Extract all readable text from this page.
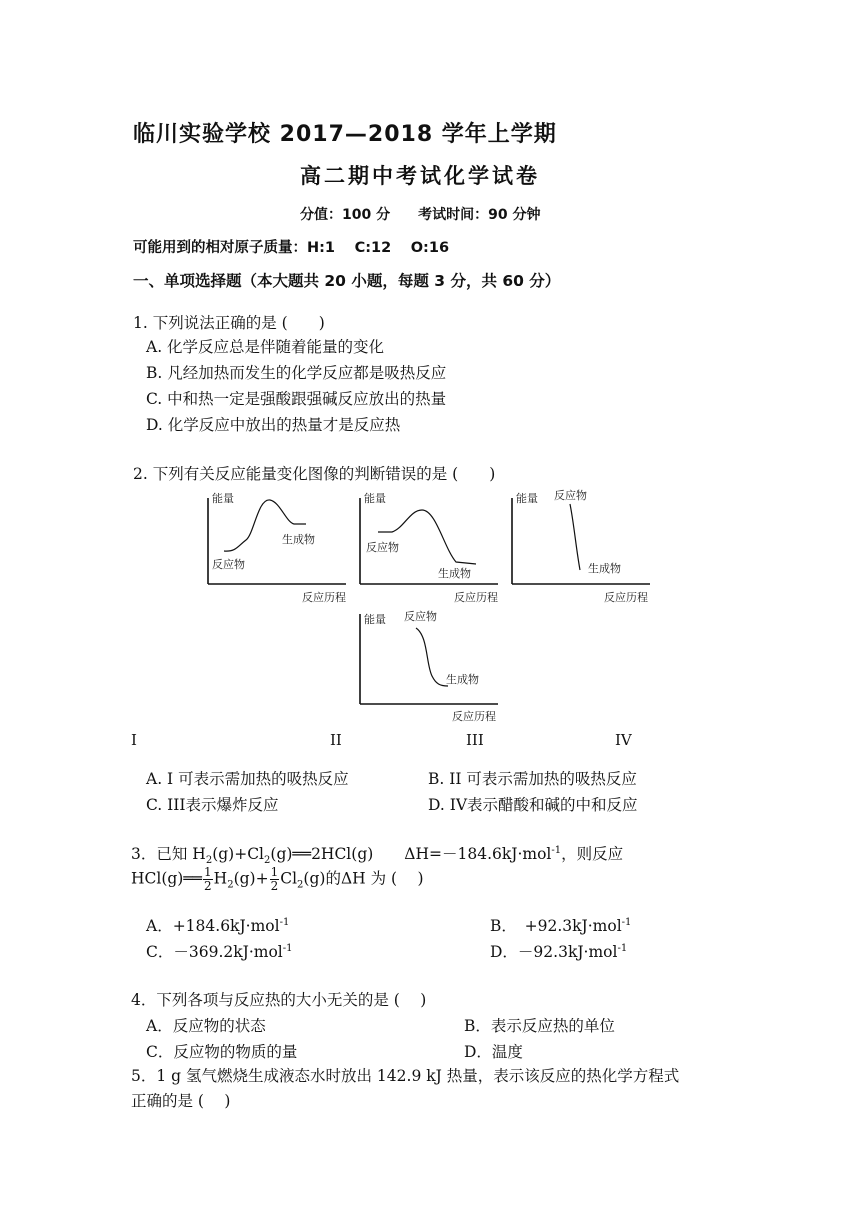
临川实验学校 2017—2018 学年上学期
高二期中考试化学试卷
分值：100 分　　考试时间：90 分钟
可能用到的相对原子质量：H:1　 C:12　 O:16
一、单项选择题（本大题共 20 小题，每题 3 分，共 60 分）
1. 下列说法正确的是 (　　)
A. 化学反应总是伴随着能量的变化
B. 凡经加热而发生的化学反应都是吸热反应
C. 中和热一定是强酸跟强碱反应放出的热量
D. 化学反应中放出的热量才是反应热
2. 下列有关反应能量变化图像的判断错误的是 (　　)
能量
反应物
生成物
反应历程
能量
反应物
生成物
反应历程
能量 反应物
生成物
反应历程
能量 反应物
生成物
反应历程
I	II	III	IV
A. I 可表示需加热的吸热反应	B. II 可表示需加热的吸热反应
C. III表示爆炸反应	D. IV表示醋酸和碱的中和反应
3．已知 $H_2(g)+Cl_2(g)══2HCl(g)$　　ΔH=－184.6kJ·mol$^{-1}$，则反应
HCl(g)══ $\frac{1}{2} H_2(g)+ \frac{1}{2} Cl_2(g)$的ΔH 为 (　 )
A．+184.6kJ·mol$^{-1}$	B．　+92.3kJ·mol$^{-1}$
C．－369.2kJ·mol$^{-1}$	D．－92.3kJ·mol$^{-1}$
4．下列各项与反应热的大小无关的是 (　 )
A．反应物的状态	B．表示反应热的单位
C．反应物的物质的量	D．温度
5．1 g 氢气燃烧生成液态水时放出 142.9 kJ 热量，表示该反应的热化学方程式
正确的是 (　 )
